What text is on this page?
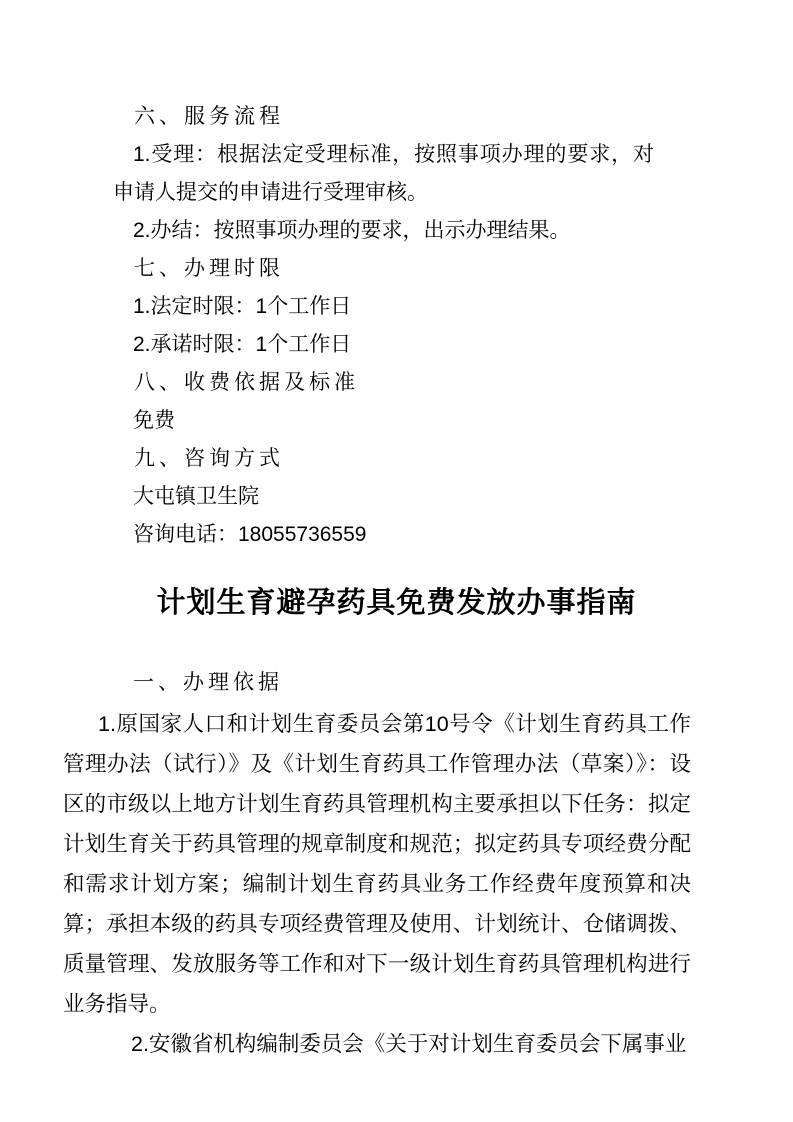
六、服务流程
1.受理：根据法定受理标准，按照事项办理的要求，对申请人提交的申请进行受理审核。
2.办结：按照事项办理的要求，出示办理结果。
七、办理时限
1.法定时限：1个工作日
2.承诺时限：1个工作日
八、收费依据及标准
免费
九、咨询方式
大屯镇卫生院
咨询电话：18055736559
计划生育避孕药具免费发放办事指南
一、办理依据

1.原国家人口和计划生育委员会第10号令《计划生育药具工作管理办法（试行）》及《计划生育药具工作管理办法（草案）》：设区的市级以上地方计划生育药具管理机构主要承担以下任务：拟定计划生育关于药具管理的规章制度和规范；拟定药具专项经费分配和需求计划方案；编制计划生育药具业务工作经费年度预算和决算；承担本级的药具专项经费管理及使用、计划统计、仓储调拨、质量管理、发放服务等工作和对下一级计划生育药具管理机构进行业务指导。

2.安徽省机构编制委员会《关于对计划生育委员会下属事业
